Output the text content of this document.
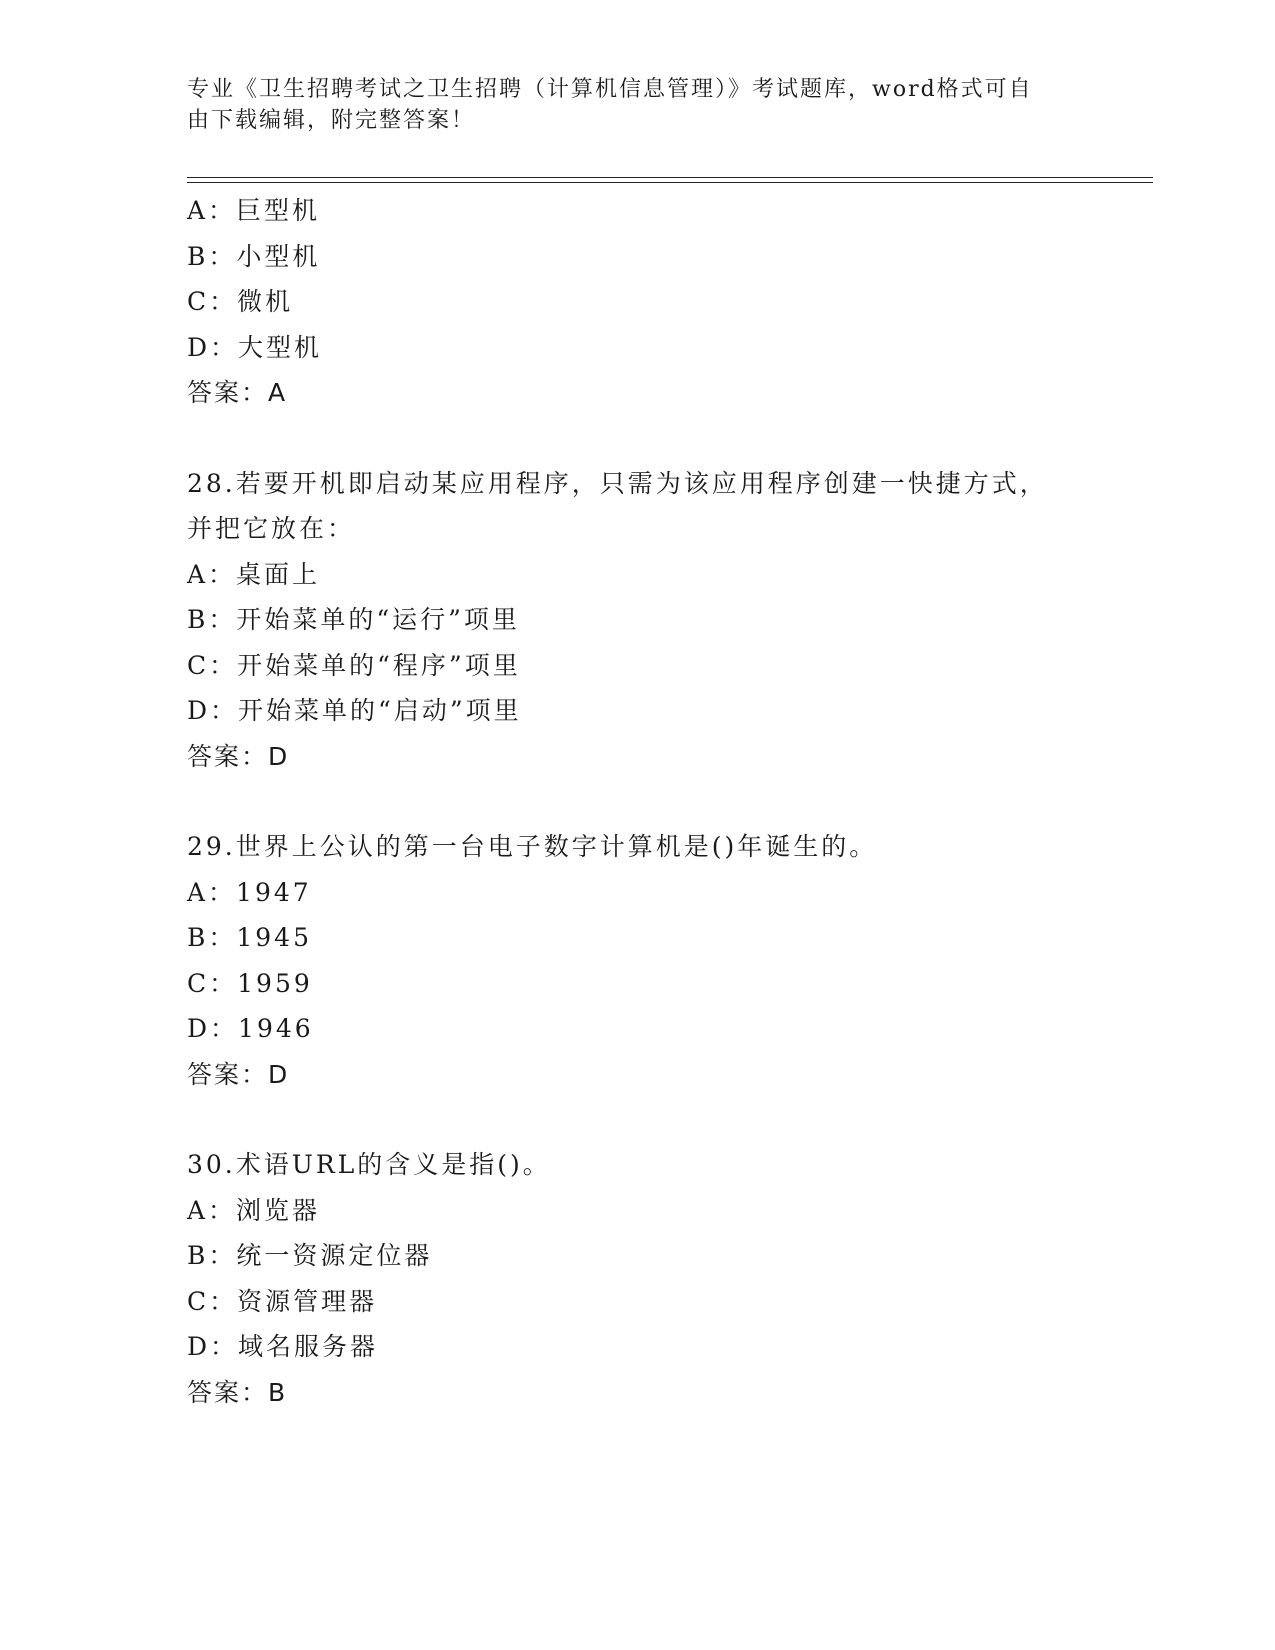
专业《卫生招聘考试之卫生招聘（计算机信息管理）》考试题库，word格式可自
由下载编辑，附完整答案！
A：巨型机
B：小型机
C：微机
D：大型机
答案：A
28.若要开机即启动某应用程序，只需为该应用程序创建一快捷方式，
并把它放在：
A：桌面上
B：开始菜单的“运行”项里
C：开始菜单的“程序”项里
D：开始菜单的“启动”项里
答案：D
29.世界上公认的第一台电子数字计算机是()年诞生的。
A：1947
B：1945
C：1959
D：1946
答案：D
30.术语URL的含义是指()。
A：浏览器
B：统一资源定位器
C：资源管理器
D：域名服务器
答案：B
